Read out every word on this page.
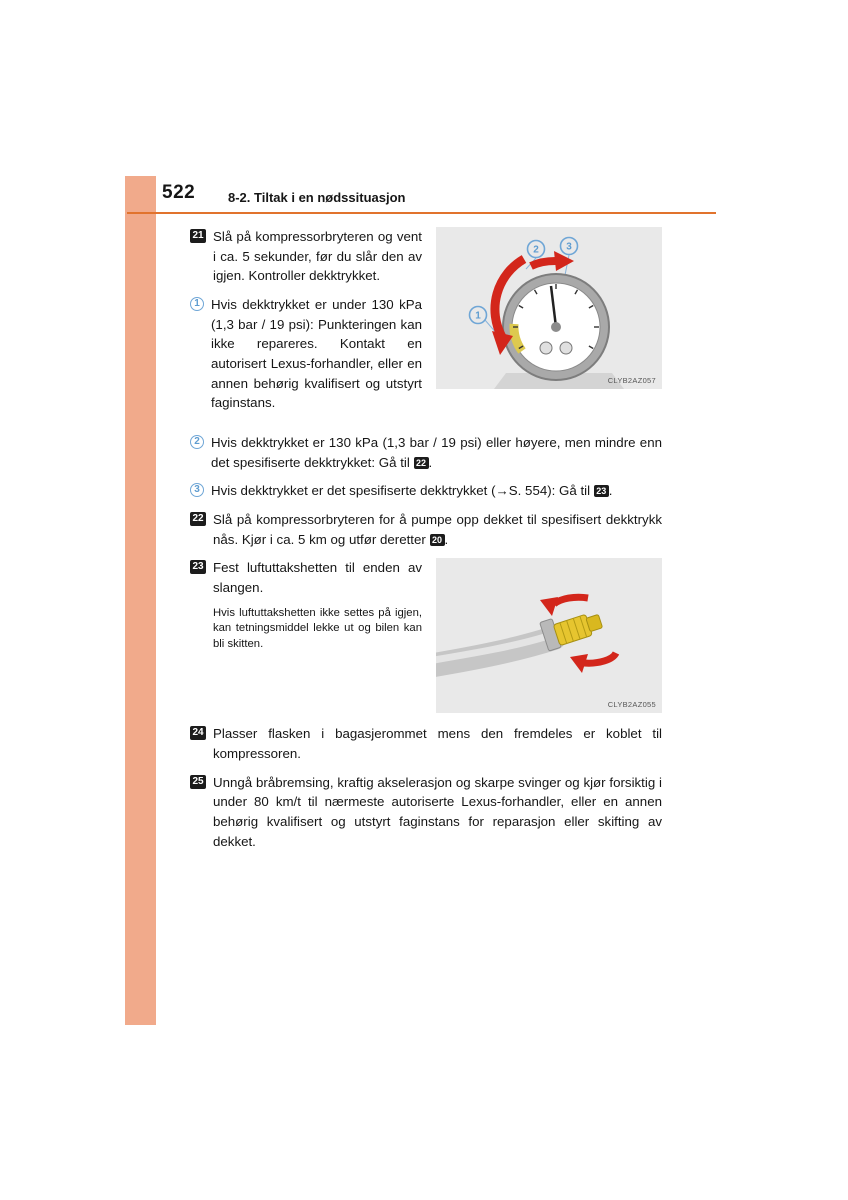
522	8-2. Tiltak i en nødssituasjon
21 Slå på kompressorbryteren og vent i ca. 5 sekunder, før du slår den av igjen. Kontroller dekktrykket.
1 Hvis dekktrykket er under 130 kPa (1,3 bar / 19 psi): Punkteringen kan ikke repareres. Kontakt en autorisert Lexus-forhandler, eller en annen behørig kvalifisert og utstyrt faginstans.
2	3
1
CLYB2AZ057
2 Hvis dekktrykket er 130 kPa (1,3 bar / 19 psi) eller høyere, men mindre enn det spesifiserte dekktrykket: Gå til 22 .
3 Hvis dekktrykket er det spesifiserte dekktrykket (→S. 554): Gå til 23 .
22 Slå på kompressorbryteren for å pumpe opp dekket til spesifisert dekktrykk nås. Kjør i ca. 5 km og utfør deretter 20 .
23 Fest luftuttakshetten til enden av slangen.
Hvis luftuttakshetten ikke settes på igjen, kan tetningsmiddel lekke ut og bilen kan bli skitten.
CLYB2AZ055
24 Plasser flasken i bagasjerommet mens den fremdeles er koblet til kompressoren.
25 Unngå bråbremsing, kraftig akselerasjon og skarpe svinger og kjør forsiktig i under 80 km/t til nærmeste autoriserte Lexus-forhandler, eller en annen behørig kvalifisert og utstyrt faginstans for reparasjon eller skifting av dekket.
